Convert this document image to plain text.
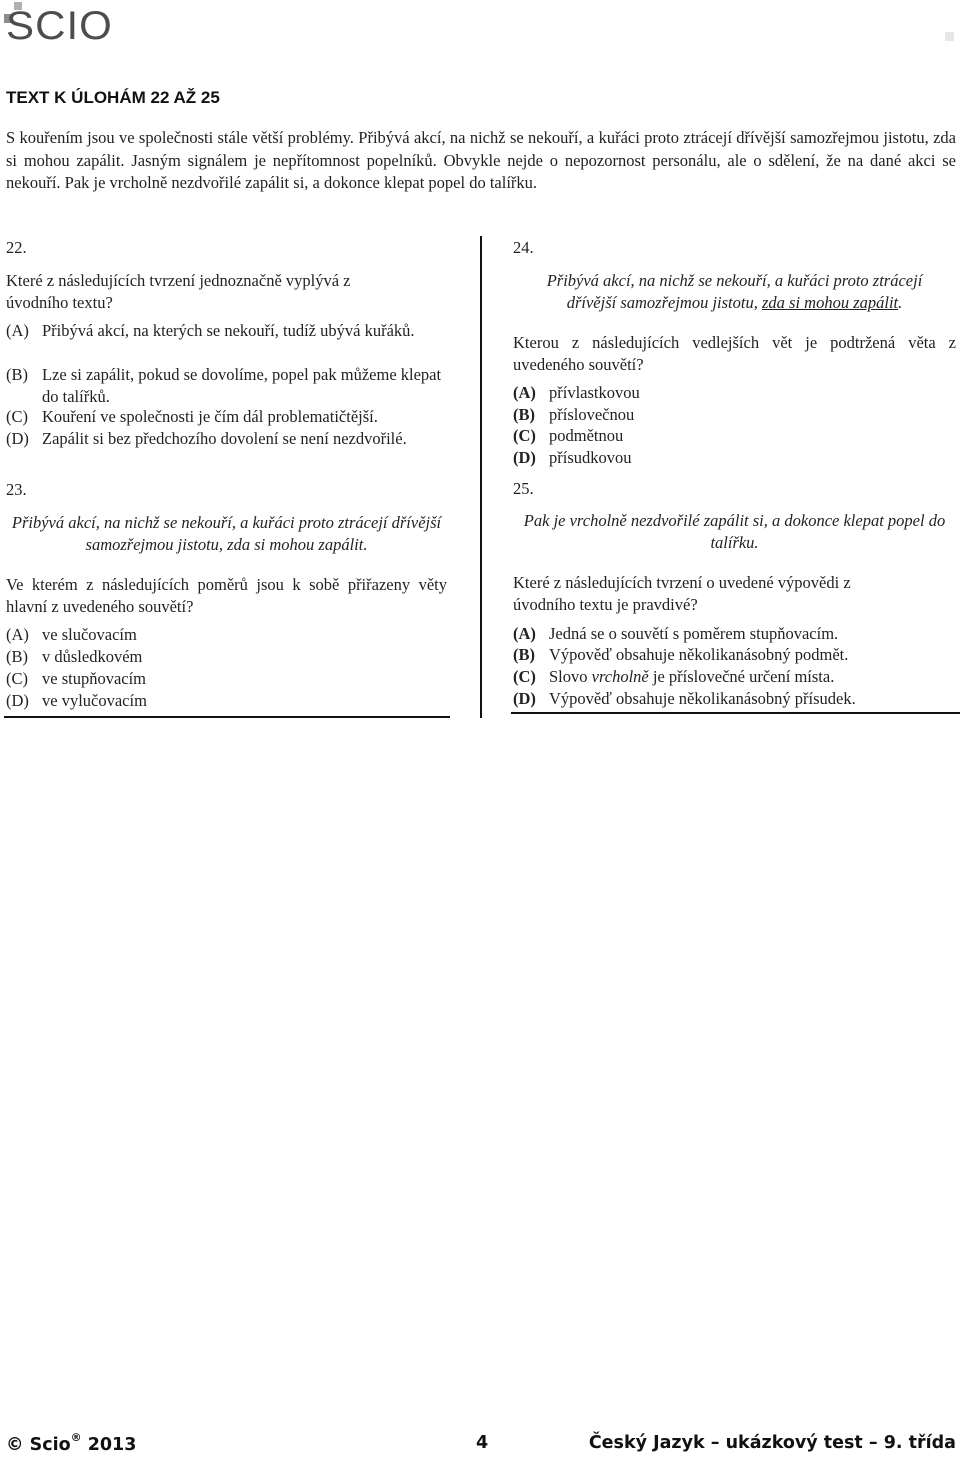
SCIO
TEXT K ÚLOHÁM 22 AŽ 25

S kouřením jsou ve společnosti stále větší problémy. Přibývá akcí, na nichž se nekouří, a kuřáci proto ztrácejí dřívější samozřejmou jistotu, zda si mohou zapálit. Jasným signálem je nepřítomnost popelníků. Obvykle nejde o nepozornost personálu, ale o sdělení, že na dané akci se nekouří. Pak je vrcholně nezdvořilé zapálit si, a dokonce klepat popel do talířku.

22.
Které z následujících tvrzení jednoznačně vyplývá z úvodního textu?
(A) Přibývá akcí, na kterých se nekouří, tudíž ubývá kuřáků.
(B) Lze si zapálit, pokud se dovolíme, popel pak můžeme klepat do talířků.
(C) Kouření ve společnosti je čím dál problematičtější.
(D) Zapálit si bez předchozího dovolení se není nezdvořilé.
23.
Přibývá akcí, na nichž se nekouří, a kuřáci proto ztrácejí dřívější samozřejmou jistotu, zda si mohou zapálit.
Ve kterém z následujících poměrů jsou k sobě přiřazeny věty hlavní z uvedeného souvětí?
(A) ve slučovacím
(B) v důsledkovém
(C) ve stupňovacím
(D) ve vylučovacím
24.
Přibývá akcí, na nichž se nekouří, a kuřáci proto ztrácejí
dřívější samozřejmou jistotu, zda si mohou zapálit.
Kterou z následujících vedlejších vět je podtržená věta z uvedeného souvětí?
(A) přívlastkovou
(B) příslovečnou
(C) podmětnou
(D) přísudkovou
25.
Pak je vrcholně nezdvořilé zapálit si, a dokonce klepat popel do talířku.
Které z následujících tvrzení o uvedené výpovědi z úvodního textu je pravdivé?
(A) Jedná se o souvětí s poměrem stupňovacím.
(B) Výpověď obsahuje několikanásobný podmět.
(C) Slovo vrcholně je příslovečné určení místa.
(D) Výpověď obsahuje několikanásobný přísudek.
© Scio® 2013	4	Český Jazyk – ukázkový test – 9. třída
